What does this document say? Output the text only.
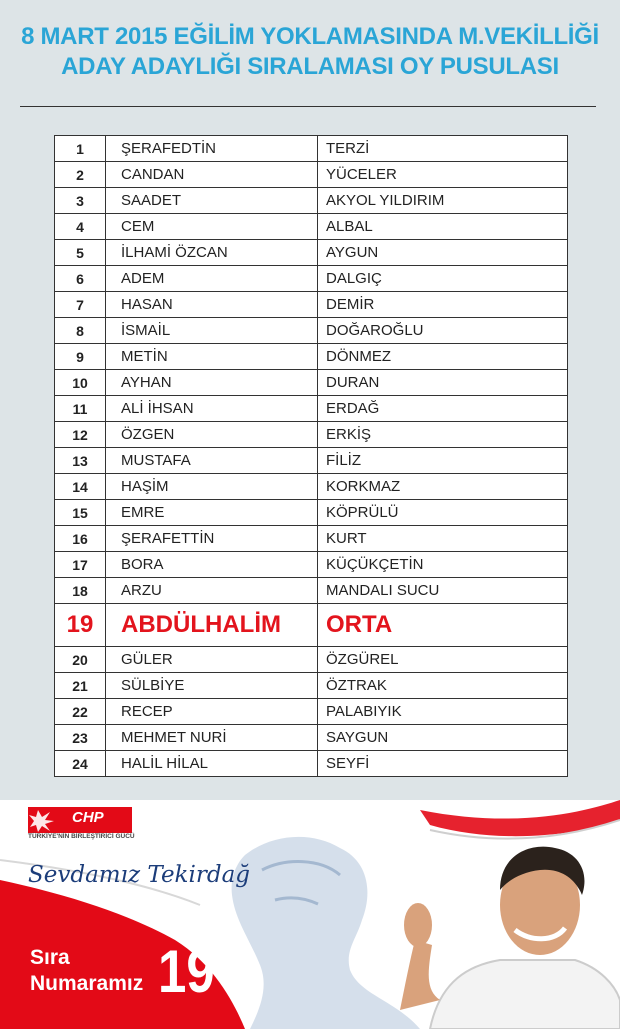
8 MART 2015 EĞİLİM YOKLAMASINDA M.VEKİLLİĞİ
ADAY ADAYLIĞI SIRALAMASI OY PUSULASI
1	ŞERAFEDTİN	TERZİ
2	CANDAN	YÜCELER
3	SAADET	AKYOL YILDIRIM
4	CEM	ALBAL
5	İLHAMİ ÖZCAN	AYGUN
6	ADEM	DALGIÇ
7	HASAN	DEMİR
8	İSMAİL	DOĞAROĞLU
9	METİN	DÖNMEZ
10	AYHAN	DURAN
11	ALİ İHSAN	ERDAĞ
12	ÖZGEN	ERKİŞ
13	MUSTAFA	FİLİZ
14	HAŞİM	KORKMAZ
15	EMRE	KÖPRÜLÜ
16	ŞERAFETTİN	KURT
17	BORA	KÜÇÜKÇETİN
18	ARZU	MANDALI SUCU
19	ABDÜLHALİM	ORTA
20	GÜLER	ÖZGÜREL
21	SÜLBİYE	ÖZTRAK
22	RECEP	PALABIYIK
23	MEHMET NURİ	SAYGUN
24	HALİL HİLAL	SEYFİ
CHP
TÜRKİYE'NİN BİRLEŞTİRİCİ GÜCÜ
Sevdamız Tekirdağ
Sıra
Numaramız 19
